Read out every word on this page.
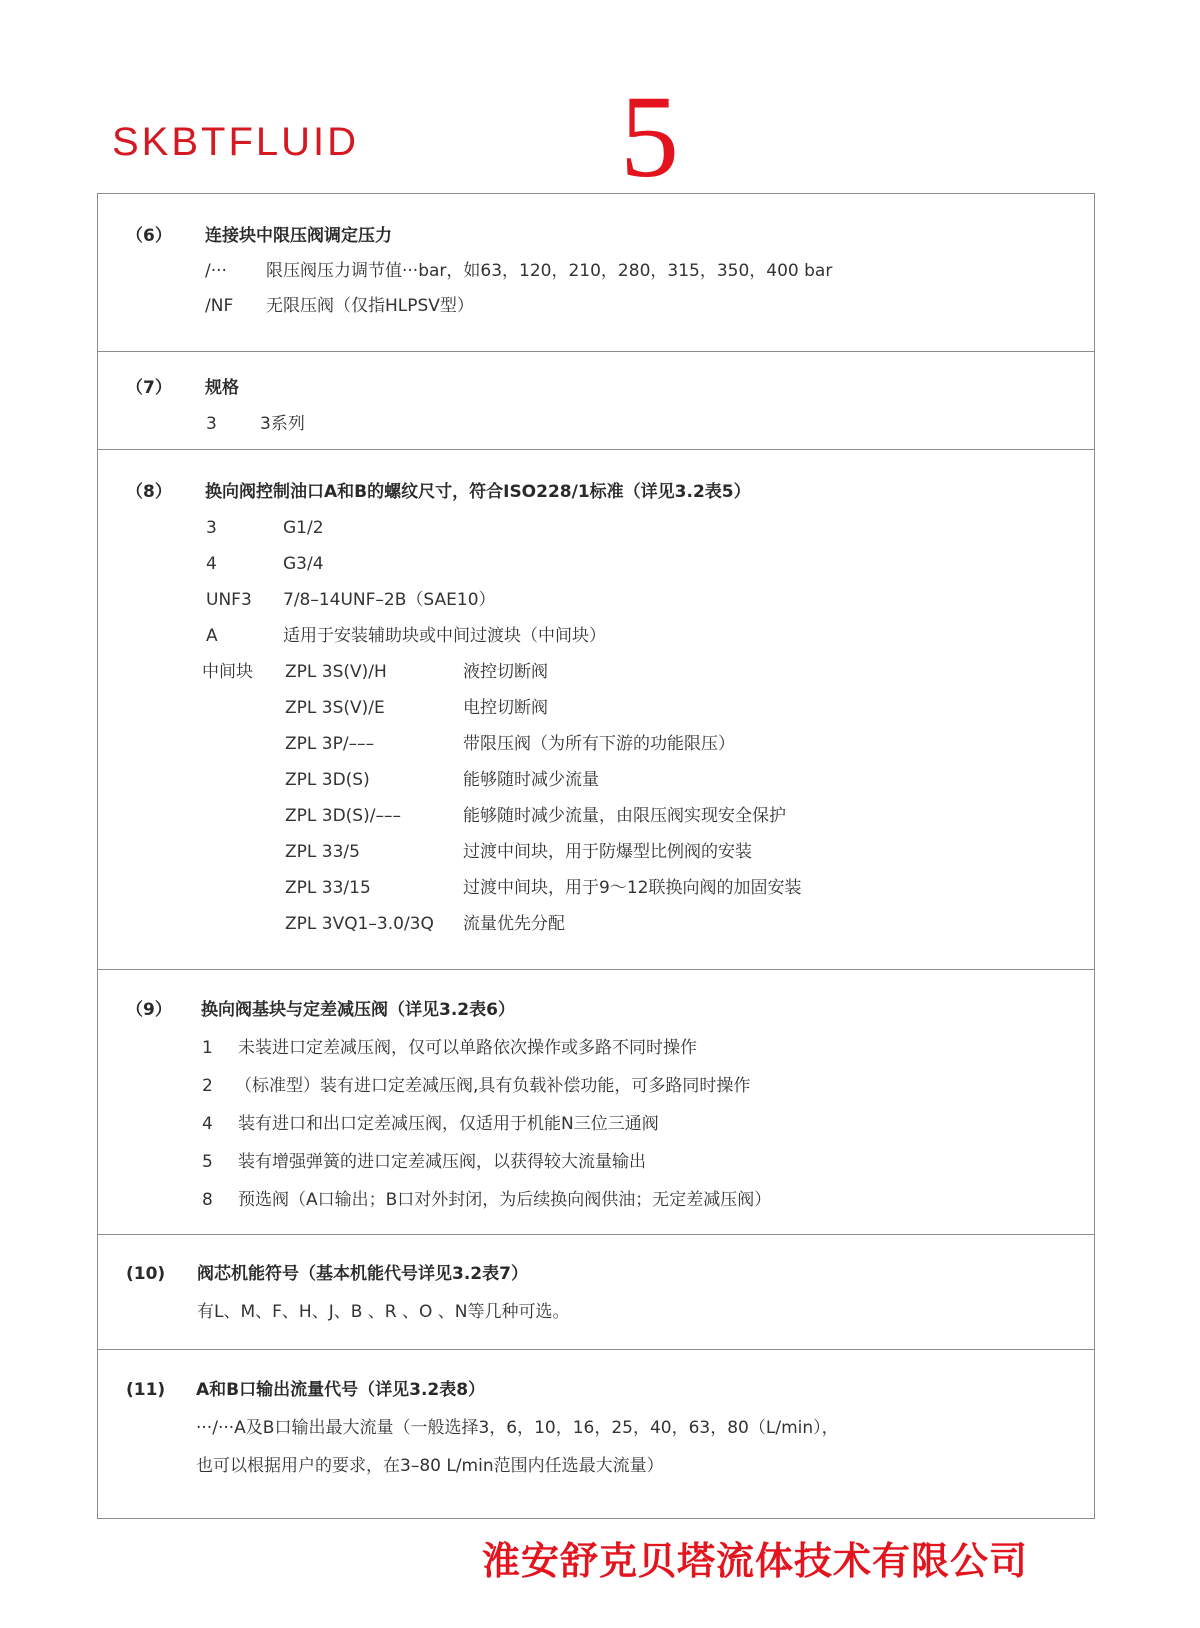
SKBTFLUID 5
（6） 连接块中限压阀调定压力
/··· 限压阀压力调节值···bar，如63，120，210，280，315，350，400 bar
/NF 无限压阀（仅指HLPSV型）
（7） 规格
3	3系列
（8） 换向阀控制油口A和B的螺纹尺寸，符合ISO228/1标准（详见3.2表5）
3	G1/2
4	G3/4
UNF3 7/8–14UNF–2B（SAE10）
A	适用于安装辅助块或中间过渡块（中间块）
中间块 ZPL 3S(V)/H	液控切断阀
ZPL 3S(V)/E	电控切断阀
ZPL 3P/–––	带限压阀（为所有下游的功能限压）
ZPL 3D(S)	能够随时减少流量
ZPL 3D(S)/–––	能够随时减少流量，由限压阀实现安全保护
ZPL 33/5	过渡中间块，用于防爆型比例阀的安装
ZPL 33/15	过渡中间块，用于9～12联换向阀的加固安装
ZPL 3VQ1–3.0/3Q 流量优先分配
（9） 换向阀基块与定差减压阀（详见3.2表6）
1 未装进口定差减压阀，仅可以单路依次操作或多路不同时操作
2 （标准型）装有进口定差减压阀,具有负载补偿功能，可多路同时操作
4 装有进口和出口定差减压阀，仅适用于机能N三位三通阀
5 装有增强弹簧的进口定差减压阀，以获得较大流量输出
8 预选阀（A口输出；B口对外封闭，为后续换向阀供油；无定差减压阀）
(10) 阀芯机能符号（基本机能代号详见3.2表7）
有L、M、F、H、J、B 、R 、O 、N等几种可选。
(11) A和B口输出流量代号（详见3.2表8）
···/···A及B口输出最大流量（一般选择3，6，10，16，25，40，63，80（L/min），
也可以根据用户的要求，在3–80 L/min范围内任选最大流量）
淮安舒克贝塔流体技术有限公司
